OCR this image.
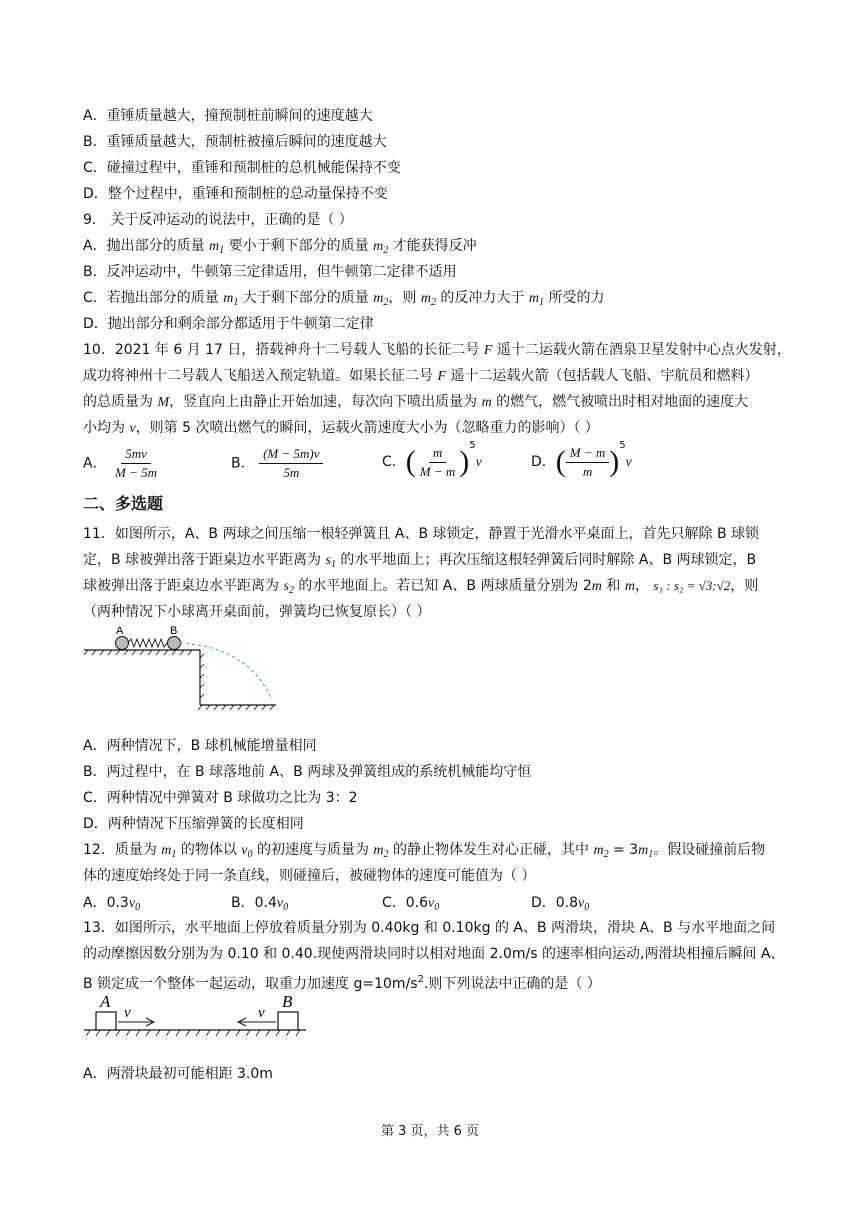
A．重锤质量越大，撞预制桩前瞬间的速度越大
B．重锤质量越大，预制桩被撞后瞬间的速度越大
C．碰撞过程中，重锤和预制桩的总机械能保持不变
D．整个过程中，重锤和预制桩的总动量保持不变
9． 关于反冲运动的说法中，正确的是（ ）
A．抛出部分的质量 $m_1$ 要小于剩下部分的质量 $m_2$ 才能获得反冲
B．反冲运动中，牛顿第三定律适用，但牛顿第二定律不适用
C．若抛出部分的质量 $m_1$ 大于剩下部分的质量 $m_2$，则 $m_2$ 的反冲力大于 $m_1$ 所受的力
D．抛出部分和剩余部分都适用于牛顿第二定律
10．2021 年 6 月 17 日，搭载神舟十二号载人飞船的长征二号 F 遥十二运载火箭在酒泉卫星发射中心点火发射，
成功将神州十二号载人飞船送入预定轨道。如果长征二号 F 遥十二运载火箭（包括载人飞船、宇航员和燃料）
的总质量为 M，竖直向上由静止开始加速，每次向下喷出质量为 m 的燃气，燃气被喷出时相对地面的速度大
小均为 v，则第 5 次喷出燃气的瞬间，运载火箭速度大小为（忽略重力的影响）（ ）
A． $\frac{5mv}{M - 5m}$	B． $\frac{(M - 5m)v}{5m}$	C．( $\frac{m}{M - m} )^5v$	D．( $\frac{M - m}{m} )^5v$
二、多选题
11．如图所示，A、B 两球之间压缩一根轻弹簧且 A、B 球锁定，静置于光滑水平桌面上，首先只解除 B 球锁
定，B 球被弹出落于距桌边水平距离为 $s_1$ 的水平地面上；再次压缩这根轻弹簧后同时解除 A、B 两球锁定，B
球被弹出落于距桌边水平距离为 $s_2$ 的水平地面上。若已知 A、B 两球质量分别为 2m 和 m， s₁ : s₂ = √3:√2，则
（两种情况下小球离开桌面前，弹簧均已恢复原长）（ ）
A	B
A．两种情况下，B 球机械能增量相同
B．两过程中，在 B 球落地前 A、B 两球及弹簧组成的系统机械能均守恒
C．两种情况中弹簧对 B 球做功之比为 3：2
D．两种情况下压缩弹簧的长度相同
12．质量为 $m_1$ 的物体以 $v_0$ 的初速度与质量为 $m_2$ 的静止物体发生对心正碰，其中 $m_2 = 3m_1$。假设碰撞前后物
体的速度始终处于同一条直线，则碰撞后，被碰物体的速度可能值为（ ）
A．$0.3v_0$	B．$0.4v_0$	C．$0.6v_0$	D．$0.8v_0$
13．如图所示，水平地面上停放着质量分别为 0.40kg 和 0.10kg 的 A、B 两滑块，滑块 A、B 与水平地面之间
的动摩擦因数分别为为 0.10 和 0.40.现使两滑块同时以相对地面 2.0m/s 的速率相向运动,两滑块相撞后瞬间 A、
B 锁定成一个整体一起运动，取重力加速度 $g=10m/s^2$.则下列说法中正确的是（ ）
A	B
v	v
A．两滑块最初可能相距 3.0m
第 3 页，共 6 页
